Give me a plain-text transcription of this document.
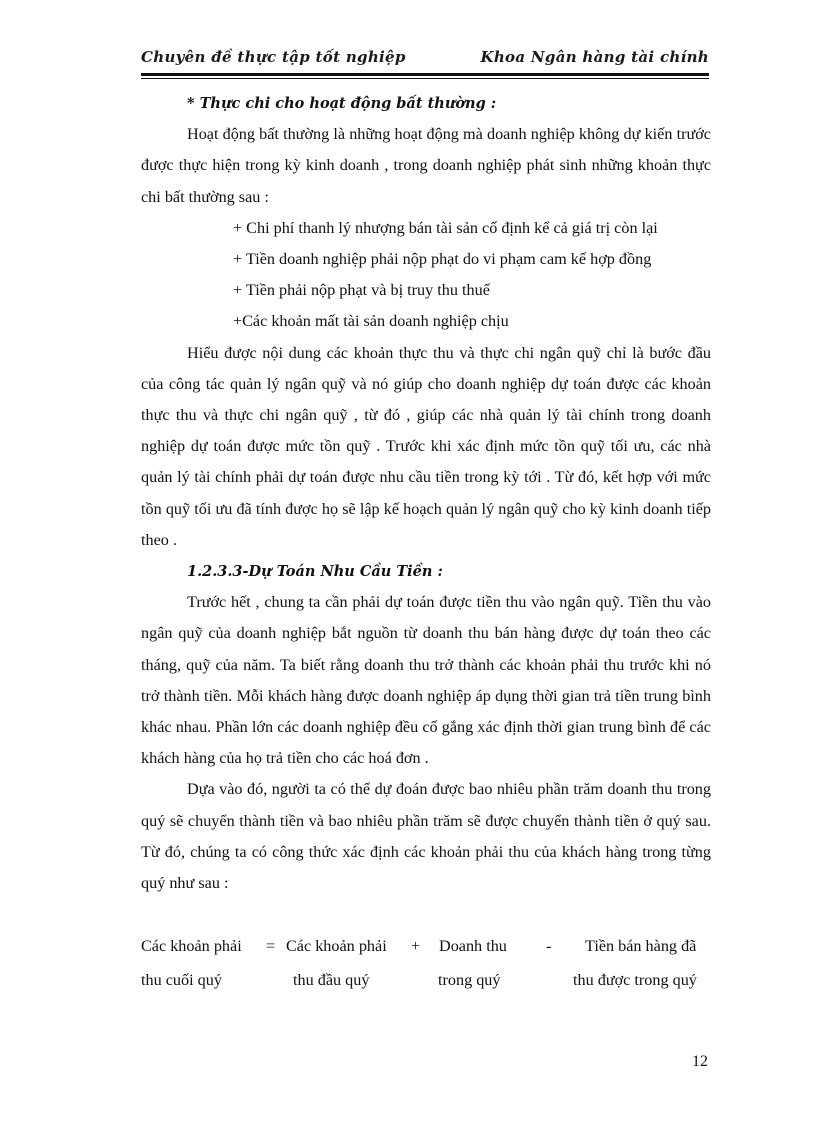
Chuyên đề thực tập tốt nghiệp	Khoa Ngân hàng tài chính

* Thực chi cho hoạt động bất thường :

Hoạt động bất thường là những hoạt động mà doanh nghiệp không dự kiến trước được thực hiện trong kỳ kinh doanh , trong doanh nghiệp phát sinh những khoản thực chi bất thường sau :

+ Chi phí thanh lý nhượng bán tài sản cố định kể cả giá trị còn lại

+ Tiền doanh nghiệp phải nộp phạt do vi phạm cam kế hợp đồng

+ Tiền phải nộp phạt và bị truy thu thuế

+Các khoản mất tài sản doanh nghiệp chịu

Hiểu được nội dung các khoản thực thu và thực chi ngân quỹ chỉ là bước đầu của công tác quản lý ngân quỹ và nó giúp cho doanh nghiệp dự toán được các khoản thực thu và thực chi ngân quỹ , từ đó , giúp các nhà quản lý tài chính trong doanh nghiệp dự toán được mức tồn quỹ . Trước khi xác định mức tồn quỹ tối ưu, các nhà quản lý tài chính phải dự toán được nhu cầu tiền trong kỳ tới . Từ đó, kết hợp với mức tồn quỹ tối ưu đã tính được họ sẽ lập kế hoạch quản lý ngân quỹ cho kỳ kinh doanh tiếp theo .

1.2.3.3-Dự Toán Nhu Cầu Tiền :

Trước hết , chung ta cần phải dự toán được tiền thu vào ngân quỹ. Tiền thu vào ngân quỹ của doanh nghiệp bắt nguồn từ doanh thu bán hàng được dự toán theo các tháng, quỹ của năm. Ta biết rằng doanh thu trở thành các khoản phải thu trước khi nó trở thành tiền. Mỗi khách hàng được doanh nghiệp áp dụng thời gian trả tiền trung bình khác nhau. Phần lớn các doanh nghiệp đều cố gắng xác định thời gian trung bình để các khách hàng của họ trả tiền cho các hoá đơn .

Dựa vào đó, người ta có thể dự đoán được bao nhiêu phần trăm doanh thu trong quý sẽ chuyển thành tiền và bao nhiêu phần trăm sẽ được chuyển thành tiền ở quý sau. Từ đó, chúng ta có công thức xác định các khoản phải thu của khách hàng trong từng quý như sau :

Các khoản phải
thu cuối quý
= Các khoản phải
thu đầu quý
+ Doanh thu
trong quý
- Tiền bán hàng đã
thu được trong quý
12
